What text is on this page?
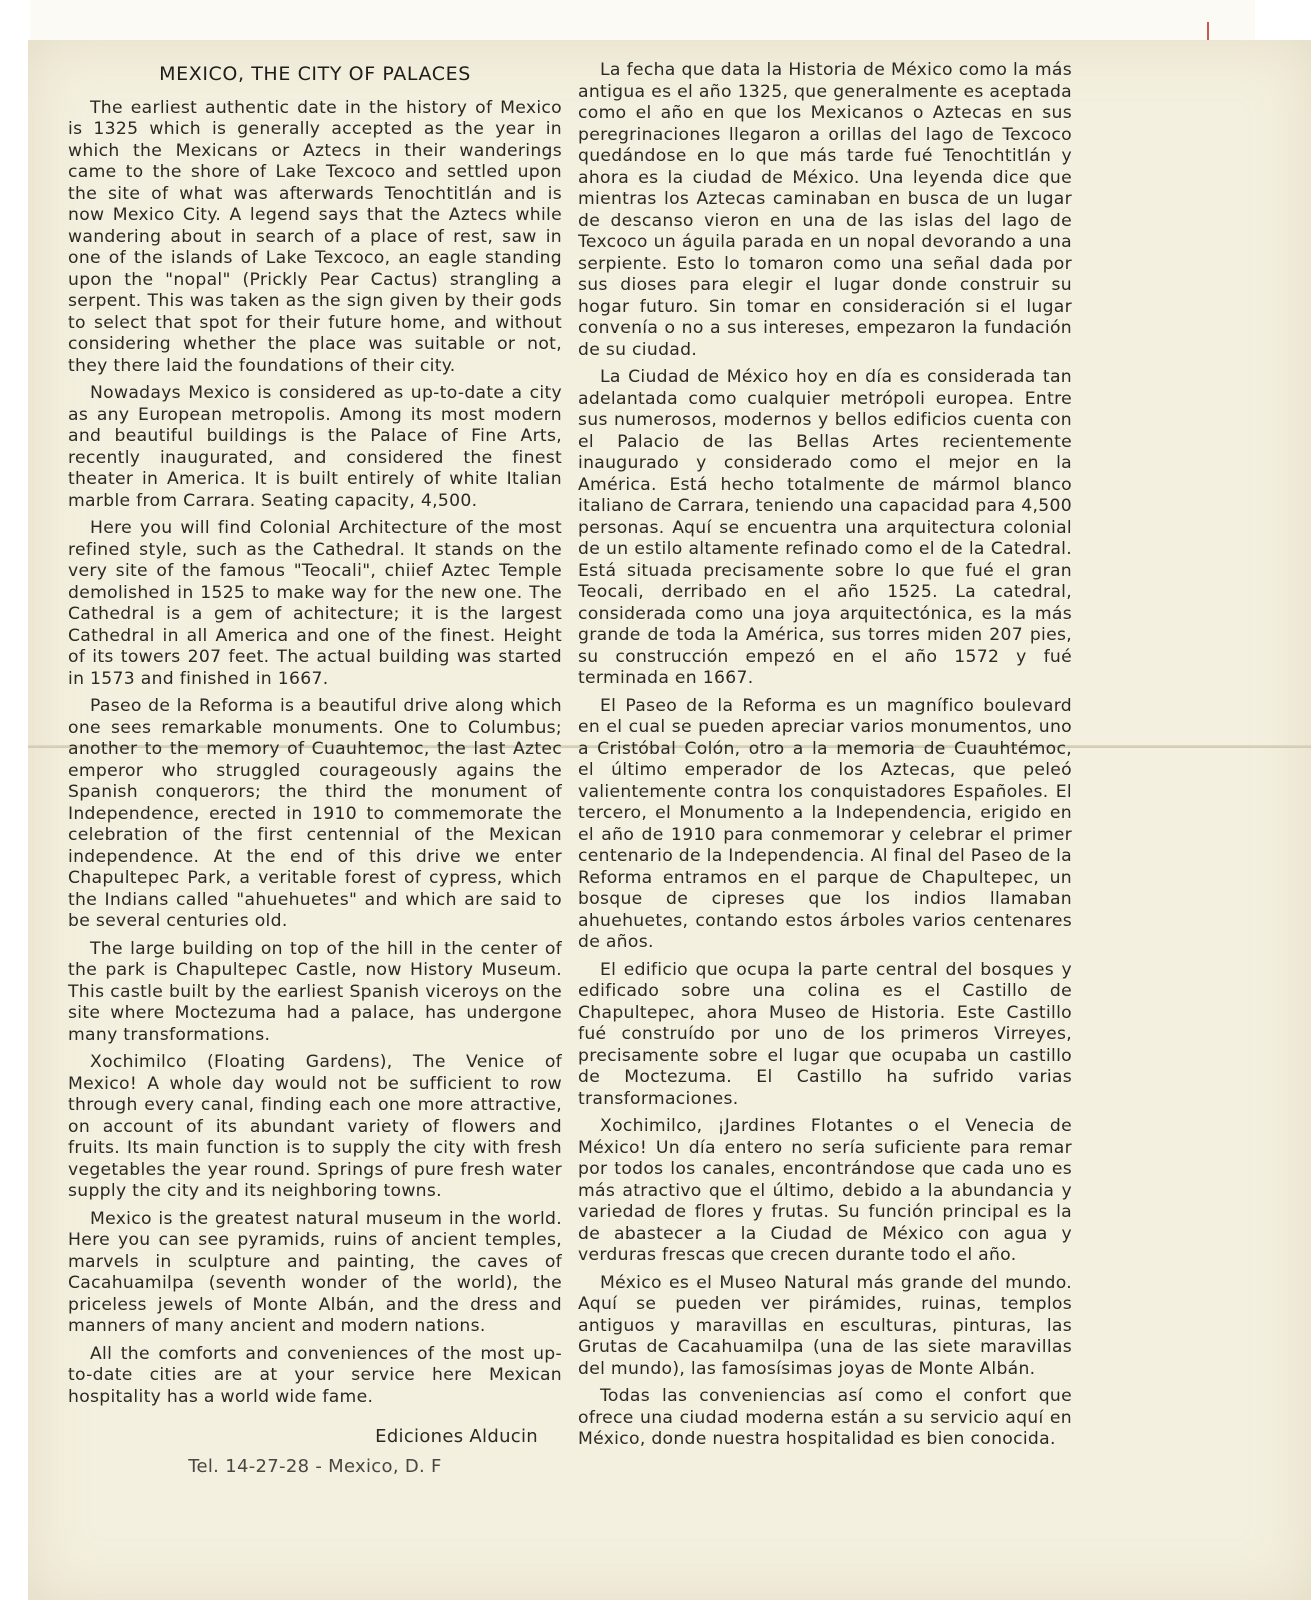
MEXICO, THE CITY OF PALACES

The earliest authentic date in the history of Mexico is 1325 which is generally accepted as the year in which the Mexicans or Aztecs in their wanderings came to the shore of Lake Texcoco and settled upon the site of what was afterwards Tenochtitlán and is now Mexico City. A legend says that the Aztecs while wandering about in search of a place of rest, saw in one of the islands of Lake Texcoco, an eagle standing upon the "nopal" (Prickly Pear Cactus) strangling a serpent. This was taken as the sign given by their gods to select that spot for their future home, and without considering whether the place was suitable or not, they there laid the foundations of their city.

Nowadays Mexico is considered as up-to-date a city as any European metropolis. Among its most modern and beautiful buildings is the Palace of Fine Arts, recently inaugurated, and considered the finest theater in America. It is built entirely of white Italian marble from Carrara. Seating capacity, 4,500.

Here you will find Colonial Architecture of the most refined style, such as the Cathedral. It stands on the very site of the famous "Teocali", chiief Aztec Temple demolished in 1525 to make way for the new one. The Cathedral is a gem of achitecture; it is the largest Cathedral in all America and one of the finest. Height of its towers 207 feet. The actual building was started in 1573 and finished in 1667.

Paseo de la Reforma is a beautiful drive along which one sees remarkable monuments. One to Columbus; another to the memory of Cuauhtemoc, the last Aztec emperor who struggled courageously agains the Spanish conquerors; the third the monument of Independence, erected in 1910 to commemorate the celebration of the first centennial of the Mexican independence. At the end of this drive we enter Chapultepec Park, a veritable forest of cypress, which the Indians called "ahuehuetes" and which are said to be several centuries old.

The large building on top of the hill in the center of the park is Chapultepec Castle, now History Museum. This castle built by the earliest Spanish viceroys on the site where Moctezuma had a palace, has undergone many transformations.

Xochimilco (Floating Gardens), The Venice of Mexico! A whole day would not be sufficient to row through every canal, finding each one more attractive, on account of its abundant variety of flowers and fruits. Its main function is to supply the city with fresh vegetables the year round. Springs of pure fresh water supply the city and its neighboring towns.

Mexico is the greatest natural museum in the world. Here you can see pyramids, ruins of ancient temples, marvels in sculpture and painting, the caves of Cacahuamilpa (seventh wonder of the world), the priceless jewels of Monte Albán, and the dress and manners of many ancient and modern nations.

All the comforts and conveniences of the most up-to-date cities are at your service here Mexican hospitality has a world wide fame.

Ediciones Alducin
Tel. 14-27-28 - Mexico, D. F

La fecha que data la Historia de México como la más antigua es el año 1325, que generalmente es aceptada como el año en que los Mexicanos o Aztecas en sus peregrinaciones llegaron a orillas del lago de Texcoco quedándose en lo que más tarde fué Tenochtitlán y ahora es la ciudad de México. Una leyenda dice que mientras los Aztecas caminaban en busca de un lugar de descanso vieron en una de las islas del lago de Texcoco un águila parada en un nopal devorando a una serpiente. Esto lo tomaron como una señal dada por sus dioses para elegir el lugar donde construir su hogar futuro. Sin tomar en consideración si el lugar convenía o no a sus intereses, empezaron la fundación de su ciudad.

La Ciudad de México hoy en día es considerada tan adelantada como cualquier metrópoli europea. Entre sus numerosos, modernos y bellos edificios cuenta con el Palacio de las Bellas Artes recientemente inaugurado y considerado como el mejor en la América. Está hecho totalmente de mármol blanco italiano de Carrara, teniendo una capacidad para 4,500 personas. Aquí se encuentra una arquitectura colonial de un estilo altamente refinado como el de la Catedral. Está situada precisamente sobre lo que fué el gran Teocali, derribado en el año 1525. La catedral, considerada como una joya arquitectónica, es la más grande de toda la América, sus torres miden 207 pies, su construcción empezó en el año 1572 y fué terminada en 1667.

El Paseo de la Reforma es un magnífico boulevard en el cual se pueden apreciar varios monumentos, uno a Cristóbal Colón, otro a la memoria de Cuauhtémoc, el último emperador de los Aztecas, que peleó valientemente contra los conquistadores Españoles. El tercero, el Monumento a la Independencia, erigido en el año de 1910 para conmemorar y celebrar el primer centenario de la Independencia. Al final del Paseo de la Reforma entramos en el parque de Chapultepec, un bosque de cipreses que los indios llamaban ahuehuetes, contando estos árboles varios centenares de años.

El edificio que ocupa la parte central del bosques y edificado sobre una colina es el Castillo de Chapultepec, ahora Museo de Historia. Este Castillo fué construído por uno de los primeros Virreyes, precisamente sobre el lugar que ocupaba un castillo de Moctezuma. El Castillo ha sufrido varias transformaciones.

Xochimilco, ¡Jardines Flotantes o el Venecia de México! Un día entero no sería suficiente para remar por todos los canales, encontrándose que cada uno es más atractivo que el último, debido a la abundancia y variedad de flores y frutas. Su función principal es la de abastecer a la Ciudad de México con agua y verduras frescas que crecen durante todo el año.

México es el Museo Natural más grande del mundo. Aquí se pueden ver pirámides, ruinas, templos antiguos y maravillas en esculturas, pinturas, las Grutas de Cacahuamilpa (una de las siete maravillas del mundo), las famosísimas joyas de Monte Albán.

Todas las conveniencias así como el confort que ofrece una ciudad moderna están a su servicio aquí en México, donde nuestra hospitalidad es bien conocida.
